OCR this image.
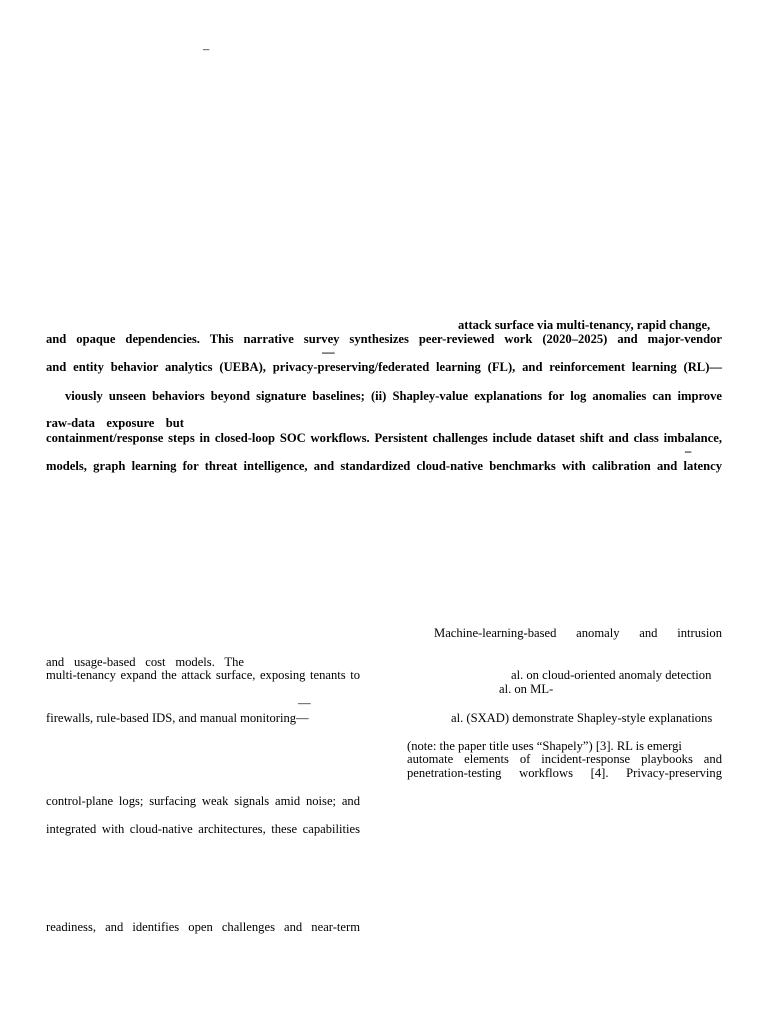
–
attack surface via multi-tenancy, rapid change,
and opaque dependencies. This narrative survey synthesizes peer-reviewed work (2020–2025) and major-vendor
—
and entity behavior analytics (UEBA), privacy-preserving/federated learning (FL), and reinforcement learning (RL)—
viously unseen behaviors beyond signature baselines; (ii) Shapley-value explanations for log anomalies can improve
raw-data exposure but
containment/response steps in closed-loop SOC workflows. Persistent challenges include dataset shift and class imbalance,
–
models, graph learning for threat intelligence, and standardized cloud-native benchmarks with calibration and latency
and usage-based cost models. The
multi-tenancy expand the attack surface, exposing tenants to
—
firewalls, rule-based IDS, and manual monitoring—
control-plane logs; surfacing weak signals amid noise; and
integrated with cloud-native architectures, these capabilities
readiness, and identifies open challenges and near-term
Machine-learning-based anomaly and intrusion
al. on cloud-oriented anomaly detection
al. on ML-
al. (SXAD) demonstrate Shapley-style explanations
(note: the paper title uses “Shapely”) [3]. RL is emergi
automate elements of incident-response playbooks and
penetration-testing workflows [4]. Privacy-preserving
